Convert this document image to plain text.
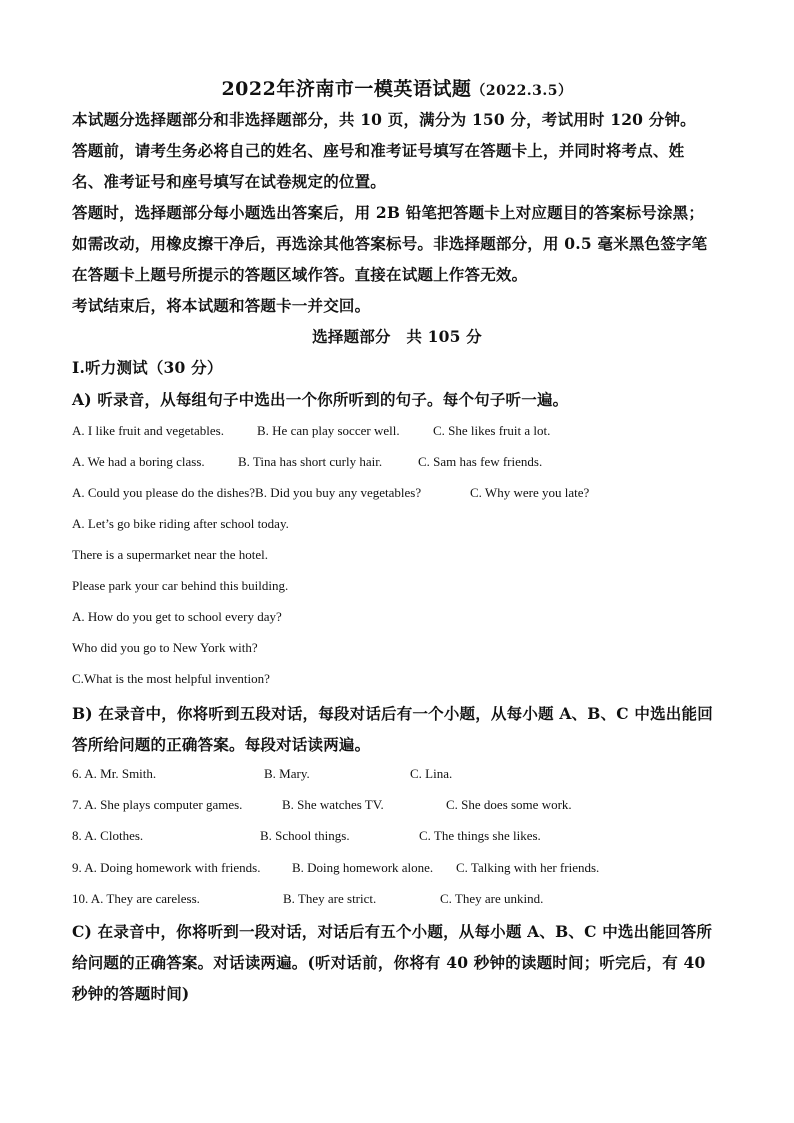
2022年济南市一模英语试题（2022.3.5）
本试题分选择题部分和非选择题部分，共 10 页，满分为 150 分，考试用时 120 分钟。
答题前，请考生务必将自己的姓名、座号和准考证号填写在答题卡上，并同时将考点、姓
名、准考证号和座号填写在试卷规定的位置。
答题时，选择题部分每小题选出答案后，用 2B 铅笔把答题卡上对应题目的答案标号涂黑；
如需改动，用橡皮擦干净后，再选涂其他答案标号。非选择题部分，用 0.5 毫米黑色签字笔
在答题卡上题号所提示的答题区域作答。直接在试题上作答无效。
考试结束后，将本试题和答题卡一并交回。
选择题部分　共 105 分
Ⅰ.听力测试（30 分）
A) 听录音，从每组句子中选出一个你所听到的句子。每个句子听一遍。
A. I like fruit and vegetables.	B. He can play soccer well.	C. She likes fruit a lot.
A. We had a boring class.	B. Tina has short curly hair.	C. Sam has few friends.
A. Could you please do the dishes?B. Did you buy any vegetables?	C. Why were you late?
A. Let’s go bike riding after school today.
There is a supermarket near the hotel.
Please park your car behind this building.
A. How do you get to school every day?
Who did you go to New York with?
C.What is the most helpful invention?
B) 在录音中，你将听到五段对话，每段对话后有一个小题，从每小题 A、B、C 中选出能回
答所给问题的正确答案。每段对话读两遍。
6. A. Mr. Smith.	B. Mary.	C. Lina.
7. A. She plays computer games.	B. She watches TV.	C. She does some work.
8. A. Clothes.	B. School things.	C. The things she likes.
9. A. Doing homework with friends. B. Doing homework alone. C. Talking with her friends.
10. A. They are careless.	B. They are strict.	C. They are unkind.
C) 在录音中，你将听到一段对话，对话后有五个小题，从每小题 A、B、C 中选出能回答所
给问题的正确答案。对话读两遍。(听对话前，你将有 40 秒钟的读题时间；听完后，有 40
秒钟的答题时间)
